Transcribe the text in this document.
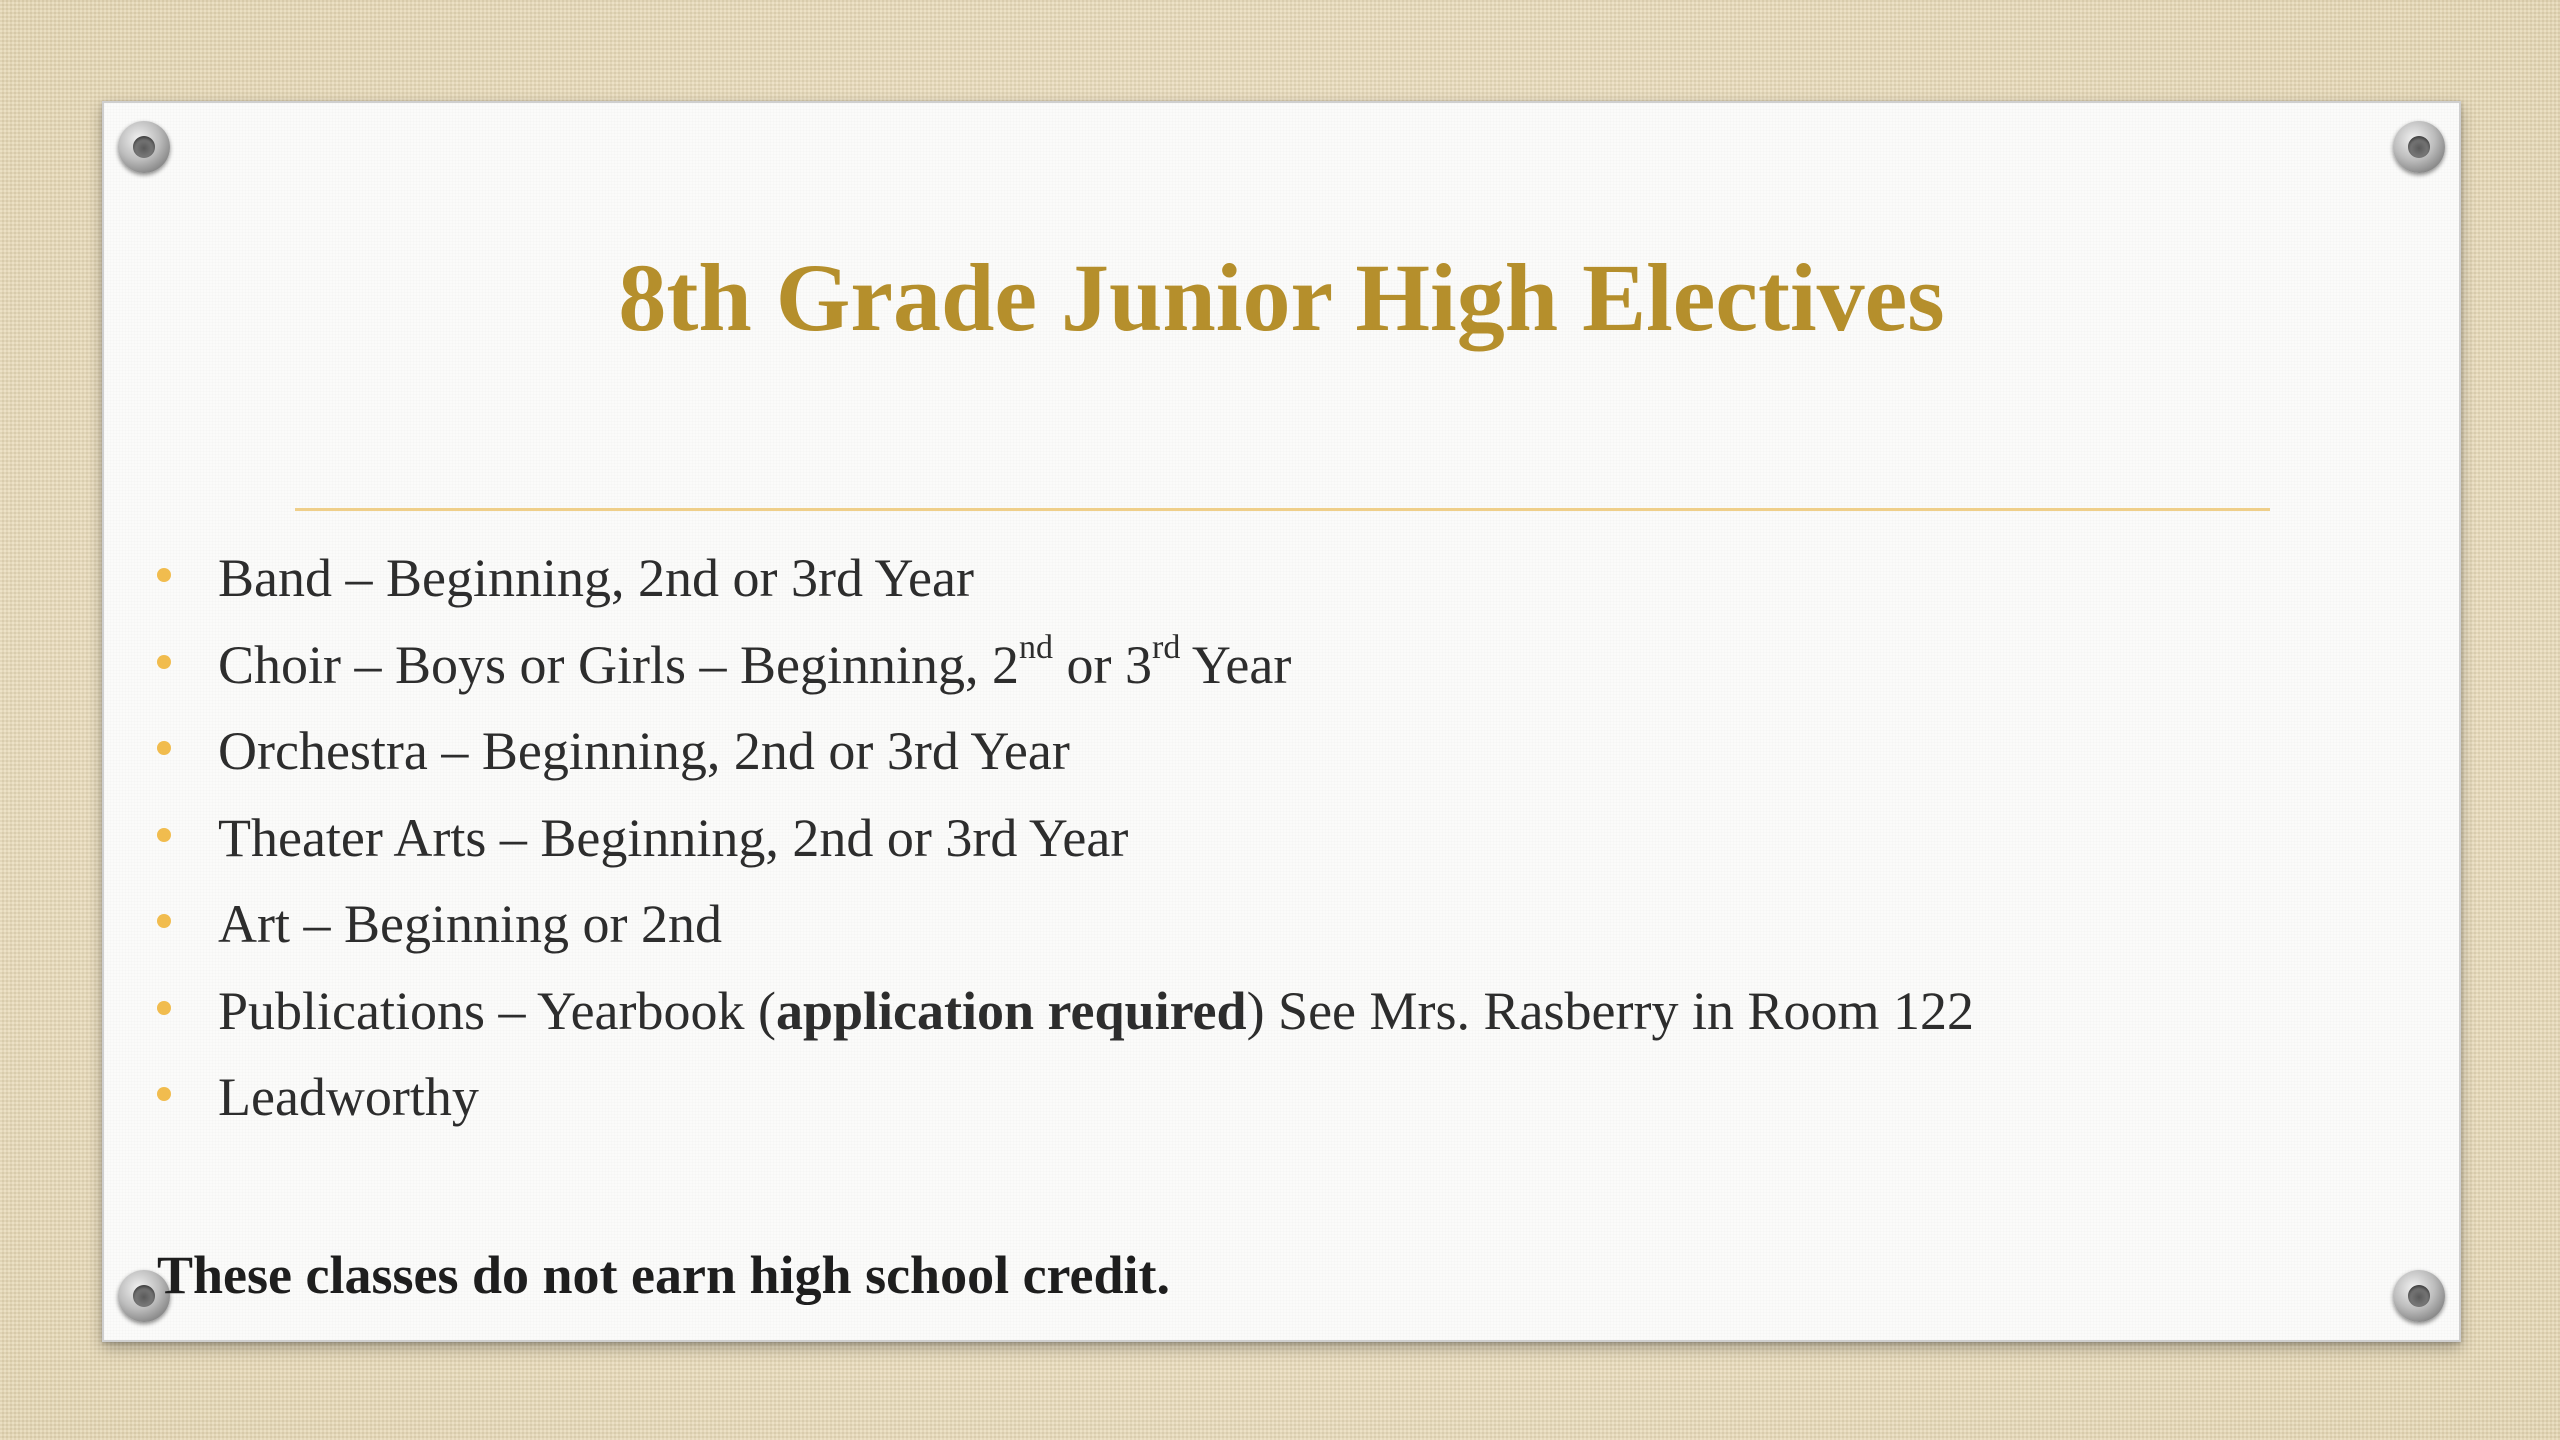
8th Grade Junior High Electives
Band – Beginning, 2nd or 3rd Year
Choir – Boys or Girls – Beginning, 2nd or 3rd Year
Orchestra – Beginning, 2nd or 3rd Year
Theater Arts – Beginning, 2nd or 3rd Year
Art – Beginning or 2nd
Publications – Yearbook (application required) See Mrs. Rasberry in Room 122
Leadworthy

These classes do not earn high school credit.
